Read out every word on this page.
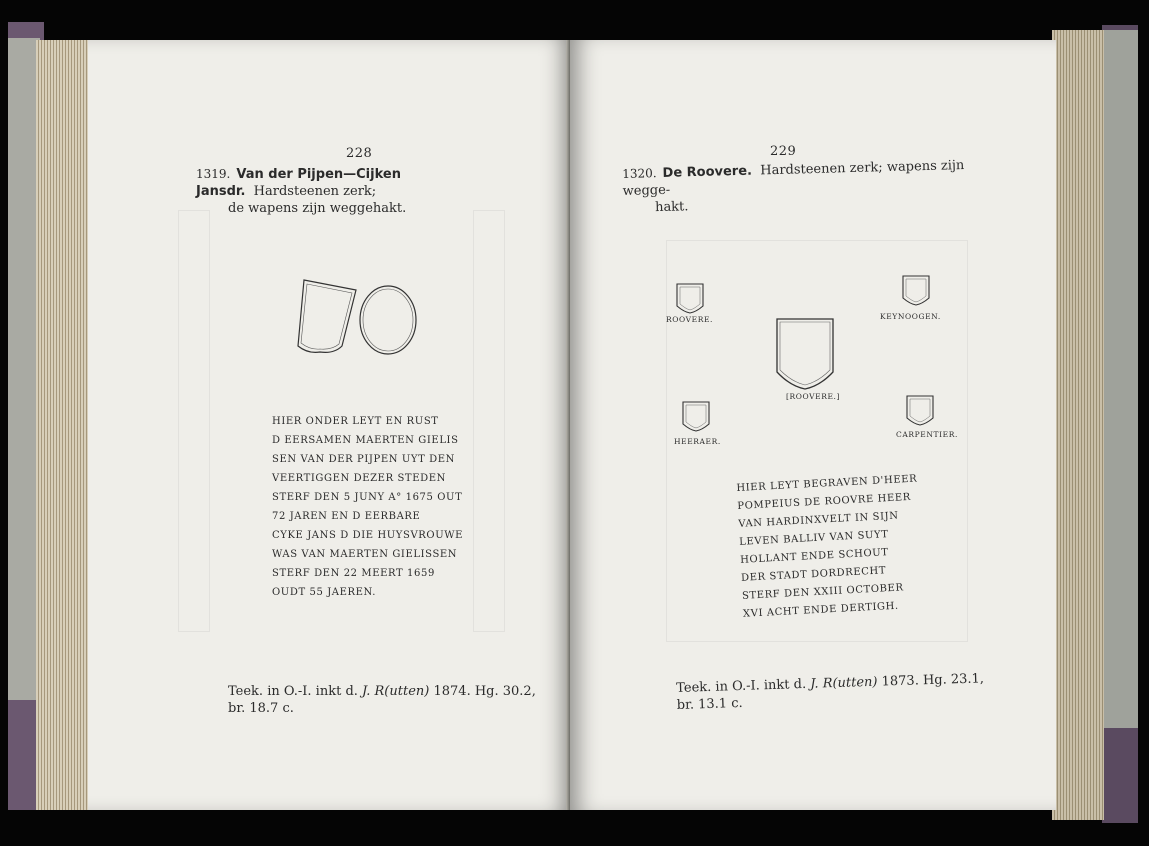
228
1319. Van der Pijpen—Cijken Jansdr. Hardsteenen zerk;
de wapens zijn weggehakt.
HIER ONDER LEYT EN RUST
D EERSAMEN MAERTEN GIELIS
SEN VAN DER PIJPEN UYT DEN
VEERTIGGEN DEZER STEDEN
STERF DEN 5 JUNY A° 1675 OUT
72 JAREN EN D EERBARE
CYKE JANS D DIE HUYSVROUWE
WAS VAN MAERTEN GIELISSEN
STERF DEN 22 MEERT 1659
OUDT 55 JAEREN.
Teek. in O.-I. inkt d. J. R(utten) 1874. Hg. 30.2,
br. 18.7 c.
229
1320. De Roovere. Hardsteenen zerk; wapens zijn wegge-
hakt.
ROOVERE.	KEYNOOGEN.
[ROOVERE.]
HEERAER.
CARPENTIER.
HIER LEYT BEGRAVEN D'HEER
POMPEIUS DE ROOVRE HEER
VAN HARDINXVELT IN SIJN
LEVEN BALLIV VAN SUYT
HOLLANT ENDE SCHOUT
DER STADT DORDRECHT
STERF DEN XXIII OCTOBER
XVI ACHT ENDE DERTIGH.
Teek. in O.-I. inkt d. J. R(utten) 1873. Hg. 23.1,
br. 13.1 c.
